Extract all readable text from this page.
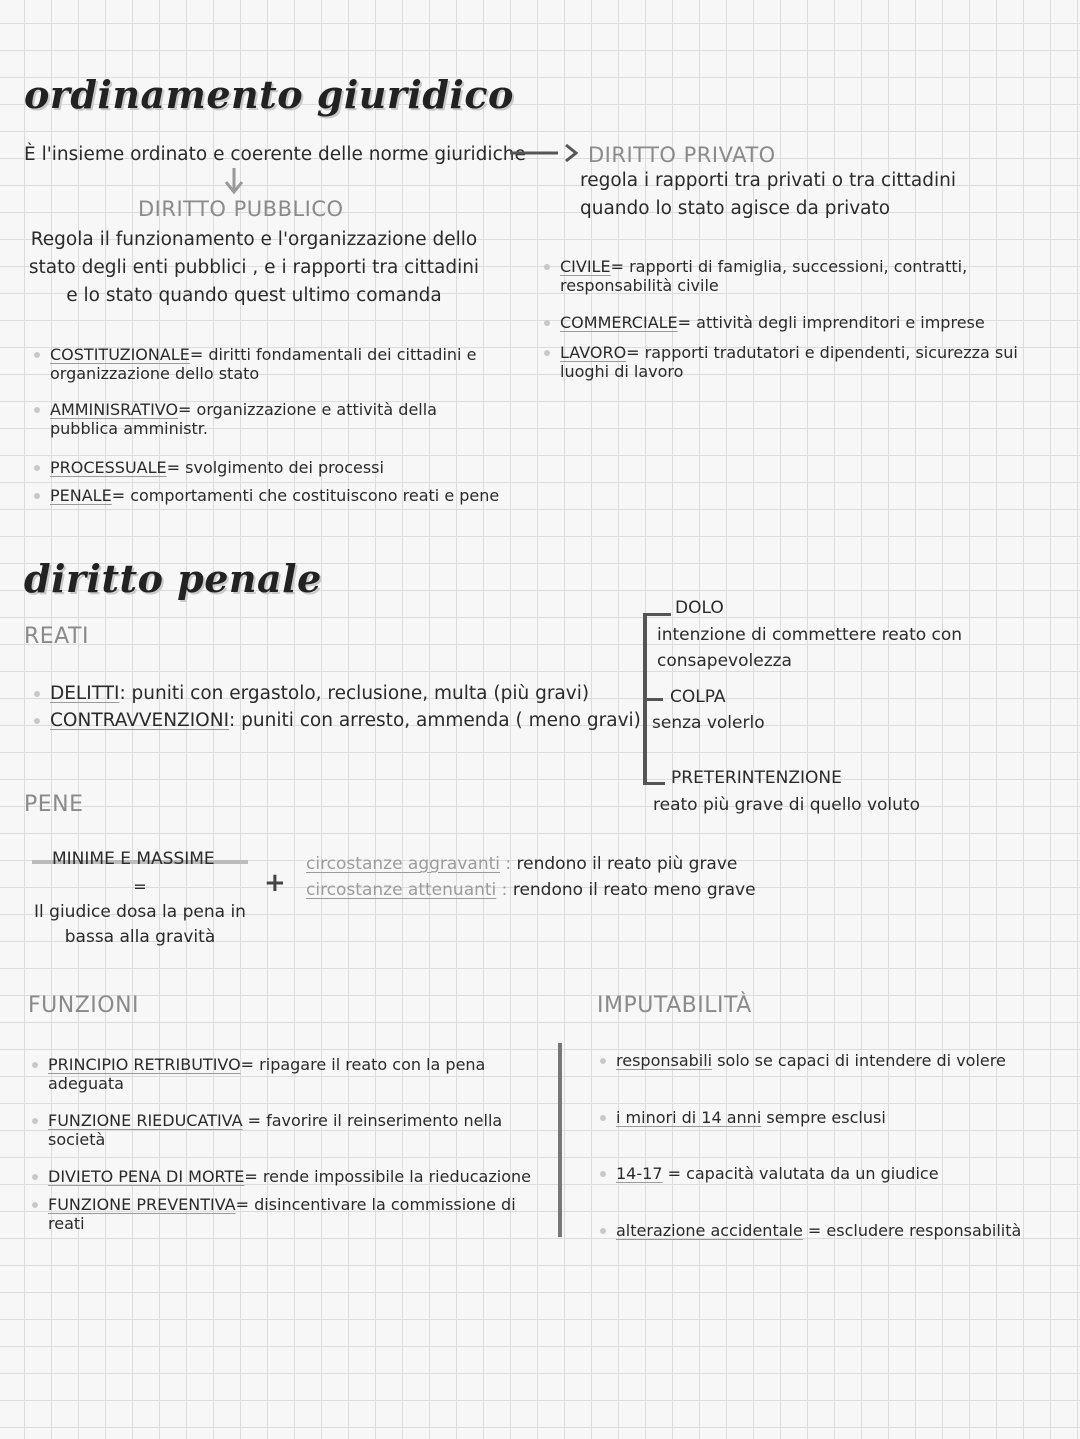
ordinamento giuridico
È l'insieme ordinato e coerente delle norme giuridiche	DIRITTO PRIVATO
regola i rapporti tra privati o tra cittadini
quando lo stato agisce da privato
CIVILE= rapporti di famiglia, successioni, contratti,
responsabilità civile
COMMERCIALE= attività degli imprenditori e imprese
LAVORO= rapporti tradutatori e dipendenti, sicurezza sui
luoghi di lavoro
DIRITTO PUBBLICO
Regola il funzionamento e l'organizzazione dello
stato degli enti pubblici , e i rapporti tra cittadini
e lo stato quando quest ultimo comanda
COSTITUZIONALE= diritti fondamentali dei cittadini e
organizzazione dello stato
AMMINISRATIVO= organizzazione e attività della
pubblica amministr.
PROCESSUALE= svolgimento dei processi
PENALE= comportamenti che costituiscono reati e pene
diritto penale
REATI
DELITTI: puniti con ergastolo, reclusione, multa (più gravi)
CONTRAVVENZIONI: puniti con arresto, ammenda ( meno gravi)
DOLO
intenzione di commettere reato con
consapevolezza
COLPA
senza volerlo
PRETERINTENZIONE
reato più grave di quello voluto
PENE
MINIME E MASSIME
=
Il giudice dosa la pena in
bassa alla gravità
+
circostanze aggravanti : rendono il reato più grave
circostanze attenuanti : rendono il reato meno grave
FUNZIONI
PRINCIPIO RETRIBUTIVO= ripagare il reato con la pena
adeguata
FUNZIONE RIEDUCATIVA = favorire il reinserimento nella
società
DIVIETO PENA DI MORTE= rende impossibile la rieducazione
FUNZIONE PREVENTIVA= disincentivare la commissione di
reati
IMPUTABILITÀ
responsabili solo se capaci di intendere di volere
i minori di 14 anni sempre esclusi
14-17 = capacità valutata da un giudice
alterazione accidentale = escludere responsabilità
